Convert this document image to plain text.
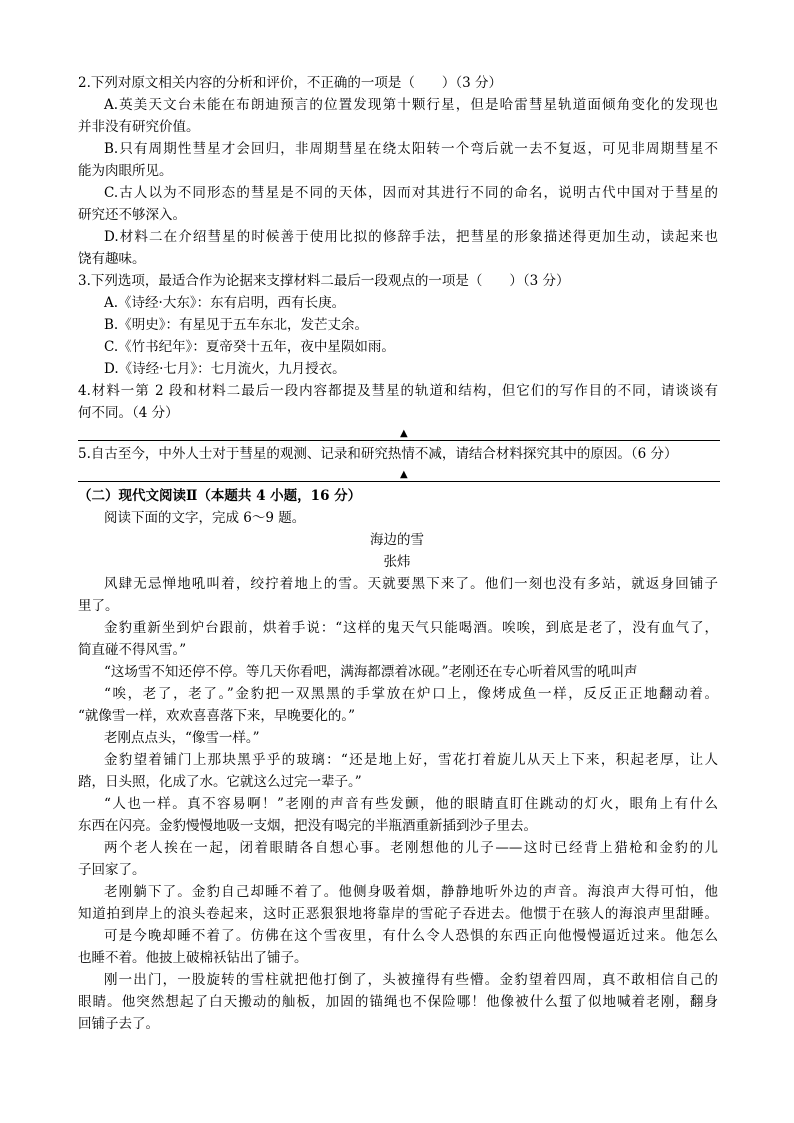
2.下列对原文相关内容的分析和评价，不正确的一项是（　　）（3 分）
A.英美天文台未能在布朗迪预言的位置发现第十颗行星，但是哈雷彗星轨道面倾角变化的发现也
并非没有研究价值。
B.只有周期性彗星才会回归，非周期彗星在绕太阳转一个弯后就一去不复返，可见非周期彗星不
能为肉眼所见。
C.古人以为不同形态的彗星是不同的天体，因而对其进行不同的命名，说明古代中国对于彗星的
研究还不够深入。
D.材料二在介绍彗星的时候善于使用比拟的修辞手法，把彗星的形象描述得更加生动，读起来也
饶有趣味。
3.下列选项，最适合作为论据来支撑材料二最后一段观点的一项是（　　）（3 分）
A.《诗经·大东》：东有启明，西有长庚。
B.《明史》：有星见于五车东北，发芒丈余。
C.《竹书纪年》：夏帝癸十五年，夜中星陨如雨。
D.《诗经·七月》：七月流火，九月授衣。
4.材料一第 2 段和材料二最后一段内容都提及彗星的轨道和结构，但它们的写作目的不同，请谈谈有
何不同。（4 分）
▲
5.自古至今，中外人士对于彗星的观测、记录和研究热情不减，请结合材料探究其中的原因。（6 分）
▲
（二）现代文阅读Ⅱ（本题共 4 小题，16 分）
阅读下面的文字，完成 6～9 题。
海边的雪
张炜
风肆无忌惮地吼叫着，绞拧着地上的雪。天就要黑下来了。他们一刻也没有多站，就返身回铺子
里了。
金豹重新坐到炉台跟前，烘着手说：“这样的鬼天气只能喝酒。唉唉，到底是老了，没有血气了，
简直碰不得风雪。”
“这场雪不知还停不停。等几天你看吧，满海都漂着冰砚。”老刚还在专心听着风雪的吼叫声
“唉，老了，老了。”金豹把一双黑黑的手掌放在炉口上，像烤成鱼一样，反反正正地翻动着。
“就像雪一样，欢欢喜喜落下来，早晚要化的。”
老刚点点头，“像雪一样。”
金豹望着铺门上那块黑乎乎的玻璃：“还是地上好，雪花打着旋儿从天上下来，积起老厚，让人
踏，日头照，化成了水。它就这么过完一辈子。”
“人也一样。真不容易啊！”老刚的声音有些发颤，他的眼睛直盯住跳动的灯火，眼角上有什么
东西在闪亮。金豹慢慢地吸一支烟，把没有喝完的半瓶酒重新插到沙子里去。
两个老人挨在一起，闭着眼睛各自想心事。老刚想他的儿子——这时已经背上猎枪和金豹的儿
子回家了。
老刚躺下了。金豹自己却睡不着了。他侧身吸着烟，静静地听外边的声音。海浪声大得可怕，他
知道拍到岸上的浪头卷起来，这时正恶狠狠地将靠岸的雪砣子吞进去。他惯于在骇人的海浪声里甜睡。
可是今晚却睡不着了。仿佛在这个雪夜里，有什么令人恐惧的东西正向他慢慢逼近过来。他怎么
也睡不着。他披上破棉袄钻出了铺子。
刚一出门，一股旋转的雪柱就把他打倒了，头被撞得有些懵。金豹望着四周，真不敢相信自己的
眼睛。他突然想起了白天搬动的舢板，加固的锚绳也不保险哪！他像被什么蜇了似地喊着老刚，翻身
回铺子去了。
